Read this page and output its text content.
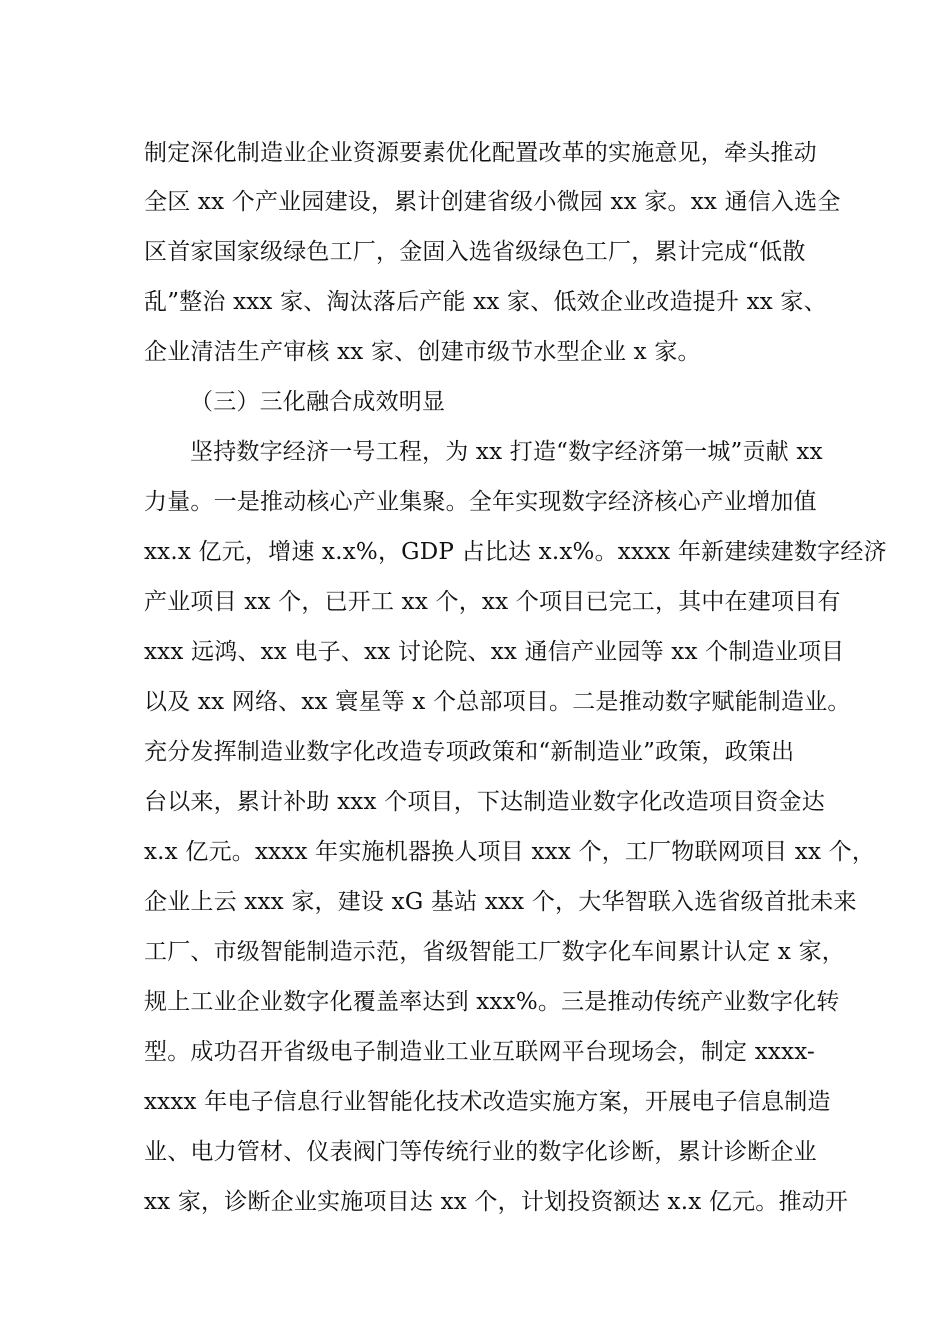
制定深化制造业企业资源要素优化配置改革的实施意见，牵头推动
全区 xx 个产业园建设，累计创建省级小微园 xx 家。xx 通信入选全
区首家国家级绿色工厂，金固入选省级绿色工厂，累计完成“低散
乱”整治 xxx 家、淘汰落后产能 xx 家、低效企业改造提升 xx 家、
企业清洁生产审核 xx 家、创建市级节水型企业 x 家。
（三）三化融合成效明显
坚持数字经济一号工程，为 xx 打造“数字经济第一城”贡献 xx
力量。一是推动核心产业集聚。全年实现数字经济核心产业增加值
xx.x 亿元，增速 x.x%，GDP 占比达 x.x%。xxxx 年新建续建数字经济
产业项目 xx 个，已开工 xx 个，xx 个项目已完工，其中在建项目有
xxx 远鸿、xx 电子、xx 讨论院、xx 通信产业园等 xx 个制造业项目
以及 xx 网络、xx 寰星等 x 个总部项目。二是推动数字赋能制造业。
充分发挥制造业数字化改造专项政策和“新制造业”政策，政策出
台以来，累计补助 xxx 个项目，下达制造业数字化改造项目资金达
x.x 亿元。xxxx 年实施机器换人项目 xxx 个，工厂物联网项目 xx 个，
企业上云 xxx 家，建设 xG 基站 xxx 个，大华智联入选省级首批未来
工厂、市级智能制造示范，省级智能工厂数字化车间累计认定 x 家，
规上工业企业数字化覆盖率达到 xxx%。三是推动传统产业数字化转
型。成功召开省级电子制造业工业互联网平台现场会，制定 xxxx-
xxxx 年电子信息行业智能化技术改造实施方案，开展电子信息制造
业、电力管材、仪表阀门等传统行业的数字化诊断，累计诊断企业
xx 家，诊断企业实施项目达 xx 个，计划投资额达 x.x 亿元。推动开
